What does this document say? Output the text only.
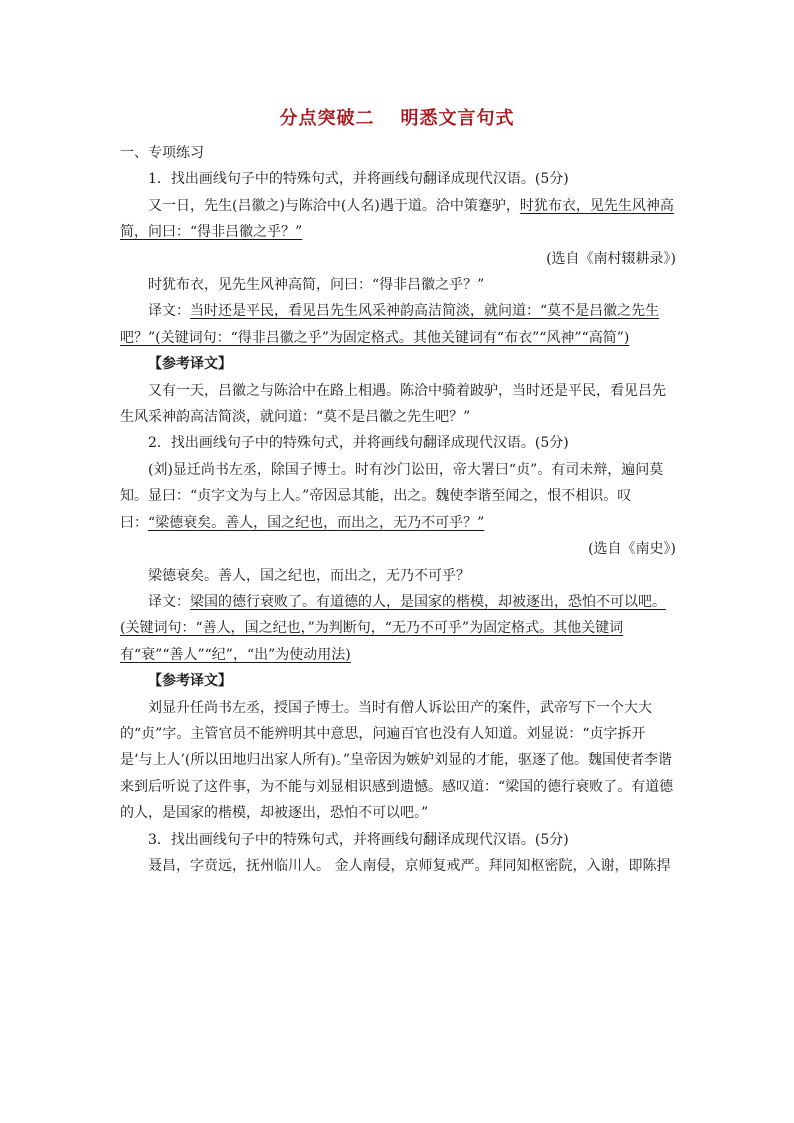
分点突破二 明悉文言句式

一、专项练习

1．找出画线句子中的特殊句式，并将画线句翻译成现代汉语。(5分)

又一日，先生(吕徽之)与陈洽中(人名)遇于道。洽中策蹇驴，时犹布衣，见先生风神高简，问曰：“得非吕徽之乎？”

(选自《南村辍耕录》)

时犹布衣，见先生风神高简，问曰：“得非吕徽之乎？”

译文：当时还是平民，看见吕先生风采神韵高洁简淡，就问道：“莫不是吕徽之先生吧？”(关键词句：“得非吕徽之乎”为固定格式。其他关键词有“布衣”“风神”“高简”)

【参考译文】

又有一天，吕徽之与陈洽中在路上相遇。陈洽中骑着跛驴，当时还是平民，看见吕先生风采神韵高洁简淡，就问道：“莫不是吕徽之先生吧？”

2．找出画线句子中的特殊句式，并将画线句翻译成现代汉语。(5分)

(刘)显迁尚书左丞，除国子博士。时有沙门讼田，帝大署曰“贞”。有司未辩，遍问莫知。显曰：“贞字文为与上人。”帝因忌其能，出之。魏使李谐至闻之，恨不相识。叹曰：“梁德衰矣。善人，国之纪也，而出之，无乃不可乎？”

(选自《南史》)

梁德衰矣。善人，国之纪也，而出之，无乃不可乎？

译文：梁国的德行衰败了。有道德的人，是国家的楷模，却被逐出，恐怕不可以吧。(关键词句：“善人，国之纪也，”为判断句，“无乃不可乎”为固定格式。其他关键词有“衰”“善人”“纪”，“出”为使动用法)

【参考译文】

刘显升任尚书左丞，授国子博士。当时有僧人诉讼田产的案件，武帝写下一个大大的“贞”字。主管官员不能辨明其中意思，问遍百官也没有人知道。刘显说：“贞字拆开是‘与上人’(所以田地归出家人所有)。”皇帝因为嫉妒刘显的才能，驱逐了他。魏国使者李谐来到后听说了这件事，为不能与刘显相识感到遗憾。感叹道：“梁国的德行衰败了。有道德的人，是国家的楷模，却被逐出，恐怕不可以吧。”

3．找出画线句子中的特殊句式，并将画线句翻译成现代汉语。(5分)

聂昌，字贲远，抚州临川人。 金人南侵，京师复戒严。拜同知枢密院，入谢，即陈捍
